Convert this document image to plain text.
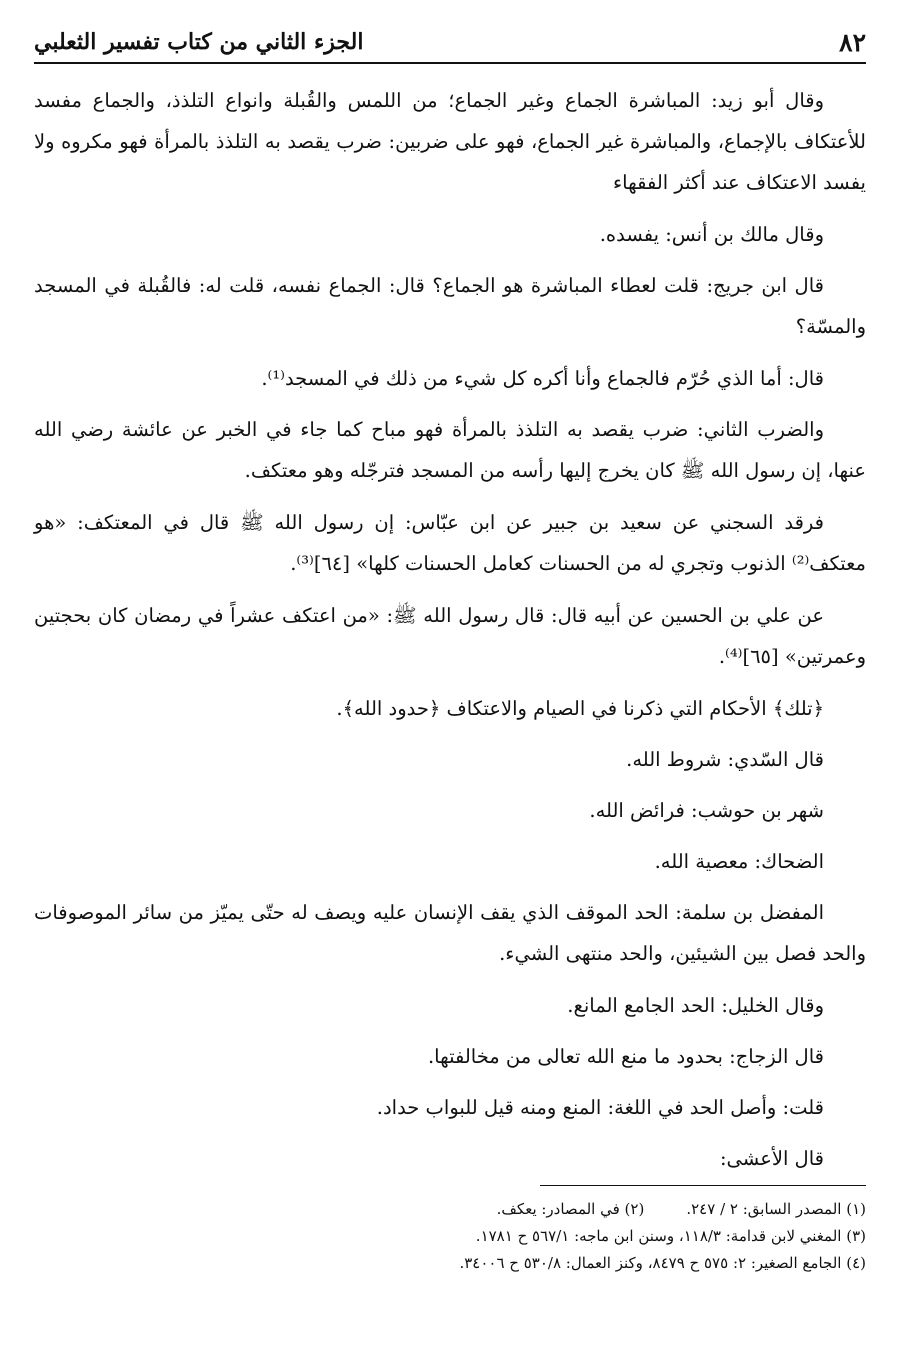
٨٢
الجزء الثاني من كتاب تفسير الثعلبي

وقال أبو زيد: المباشرة الجماع وغير الجماع؛ من اللمس والقُبلة وانواع التلذذ، والجماع مفسد للأعتكاف بالإجماع، والمباشرة غير الجماع، فهو على ضربين: ضرب يقصد به التلذذ بالمرأة فهو مكروه ولا يفسد الاعتكاف عند أكثر الفقهاء

وقال مالك بن أنس: يفسده.

قال ابن جريج: قلت لعطاء المباشرة هو الجماع؟ قال: الجماع نفسه، قلت له: فالقُبلة في المسجد والمسّة؟

قال: أما الذي حُرّم فالجماع وأنا أكره كل شيء من ذلك في المسجد⁽¹⁾.

والضرب الثاني: ضرب يقصد به التلذذ بالمرأة فهو مباح كما جاء في الخبر عن عائشة رضي الله عنها، إن رسول الله ﷺ كان يخرج إليها رأسه من المسجد فترجّله وهو معتكف.

فرقد السجني عن سعيد بن جبير عن ابن عبّاس: إن رسول الله ﷺ قال في المعتكف: «هو معتكف⁽²⁾ الذنوب وتجري له من الحسنات كعامل الحسنات كلها» [٦٤]⁽³⁾.

عن علي بن الحسين عن أبيه قال: قال رسول الله ﷺ: «من اعتكف عشراً في رمضان كان بحجتين وعمرتين» [٦٥]⁽⁴⁾.

﴿تلك﴾ الأحكام التي ذكرنا في الصيام والاعتكاف ﴿حدود الله﴾.

قال السّدي: شروط الله.

شهر بن حوشب: فرائض الله.

الضحاك: معصية الله.

المفضل بن سلمة: الحد الموقف الذي يقف الإنسان عليه ويصف له حتّى يميّز من سائر الموصوفات والحد فصل بين الشيئين، والحد منتهى الشيء.

وقال الخليل: الحد الجامع المانع.

قال الزجاج: بحدود ما منع الله تعالى من مخالفتها.

قلت: وأصل الحد في اللغة: المنع ومنه قيل للبواب حداد.

قال الأعشى:

(١) المصدر السابق: ٢ / ٢٤٧.
(٢) في المصادر: يعكف.
(٣) المغني لابن قدامة: ١١٨/٣، وسنن ابن ماجه: ٥٦٧/١ ح ١٧٨١.
(٤) الجامع الصغير: ٢: ٥٧٥ ح ٨٤٧٩، وكنز العمال: ٥٣٠/٨ ح ٣٤٠٠٦.
